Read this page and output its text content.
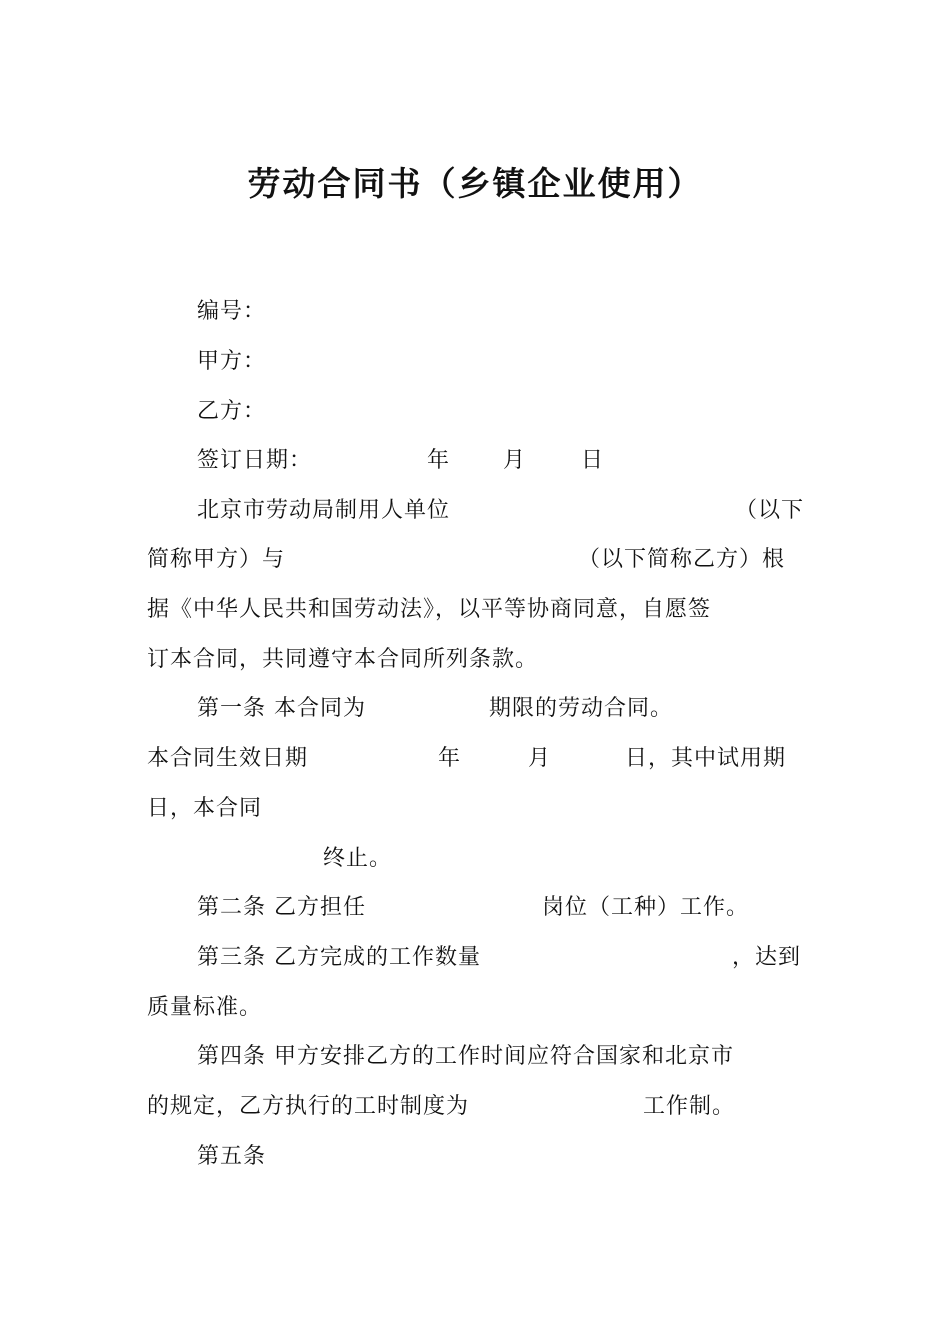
劳动合同书（乡镇企业使用）
编号：
甲方：
乙方：
签订日期：	年 月 日
北京市劳动局制用人单位	（以下
简称甲方）与	（以下简称乙方）根
据《中华人民共和国劳动法》，以平等协商同意，自愿签
订本合同，共同遵守本合同所列条款。
第一条 本合同为	期限的劳动合同。
本合同生效日期	年	月	日，其中试用期
日，本合同
终止。
第二条 乙方担任	岗位（工种）工作。
第三条 乙方完成的工作数量	，达到
质量标准。
第四条 甲方安排乙方的工作时间应符合国家和北京市
的规定，乙方执行的工时制度为	工作制。
第五条
